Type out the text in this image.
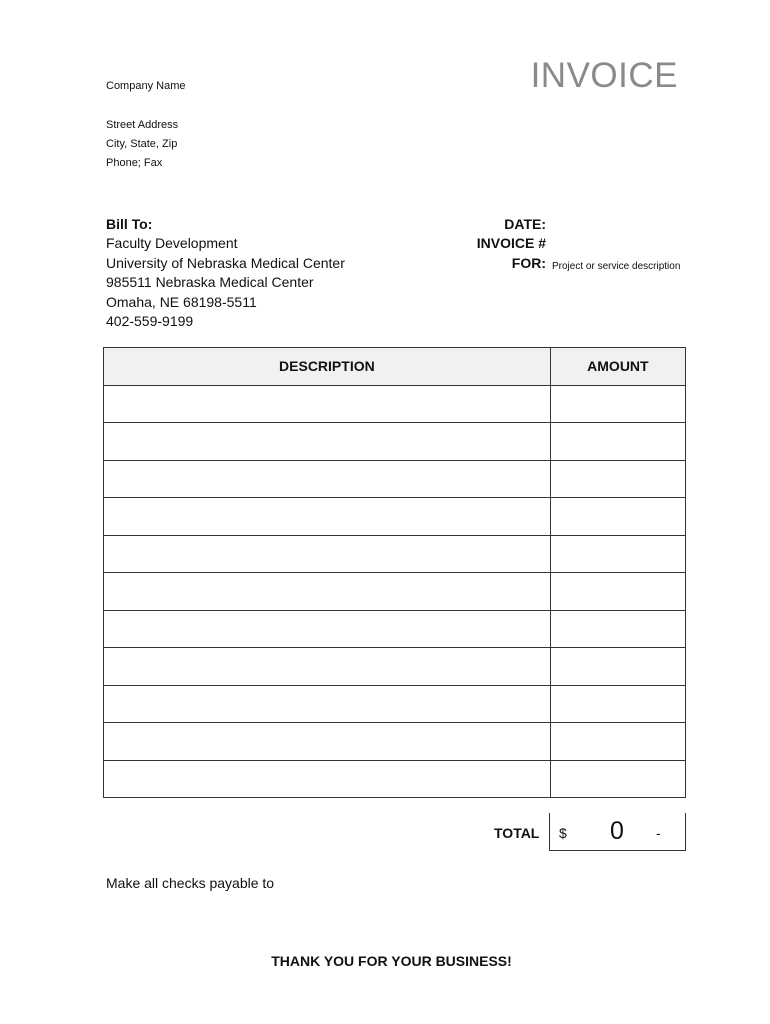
Company Name
Street Address
City, State, Zip
Phone; Fax
INVOICE
Bill To:
Faculty Development
University of Nebraska Medical Center
985511 Nebraska Medical Center
Omaha, NE 68198-5511
402-559-9199
DATE:
INVOICE #
FOR: Project or service description
DESCRIPTION	AMOUNT

TOTAL $ 0 -
Make all checks payable to
THANK YOU FOR YOUR BUSINESS!
